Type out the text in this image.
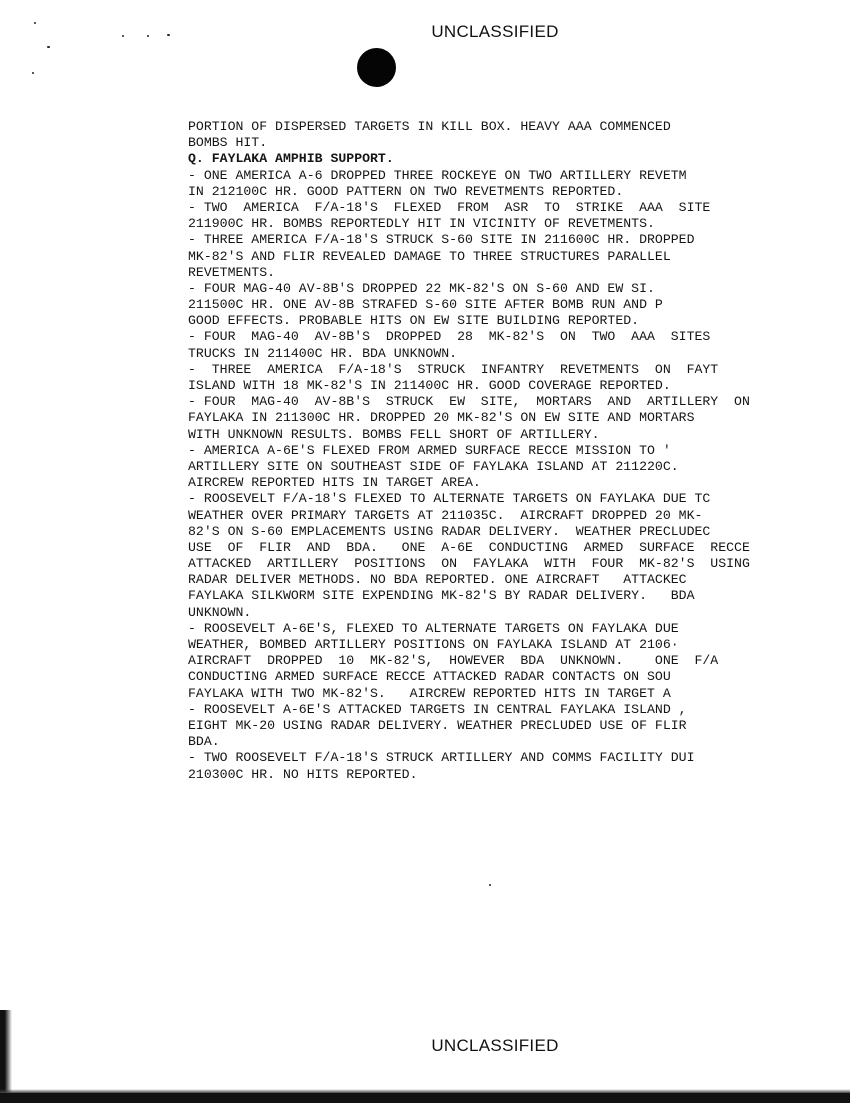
UNCLASSIFIED
PORTION OF DISPERSED TARGETS IN KILL BOX. HEAVY AAA COMMENCED
BOMBS HIT.
Q. FAYLAKA AMPHIB SUPPORT.
- ONE AMERICA A-6 DROPPED THREE ROCKEYE ON TWO ARTILLERY REVETM
IN 212100C HR. GOOD PATTERN ON TWO REVETMENTS REPORTED.
- TWO  AMERICA  F/A-18'S  FLEXED  FROM  ASR  TO  STRIKE  AAA  SITE
211900C HR. BOMBS REPORTEDLY HIT IN VICINITY OF REVETMENTS.
- THREE AMERICA F/A-18'S STRUCK S-60 SITE IN 211600C HR. DROPPED
MK-82'S AND FLIR REVEALED DAMAGE TO THREE STRUCTURES PARALLEL
REVETMENTS.
- FOUR MAG-40 AV-8B'S DROPPED 22 MK-82'S ON S-60 AND EW SI.
211500C HR. ONE AV-8B STRAFED S-60 SITE AFTER BOMB RUN AND P
GOOD EFFECTS. PROBABLE HITS ON EW SITE BUILDING REPORTED.
- FOUR  MAG-40  AV-8B'S  DROPPED  28  MK-82'S  ON  TWO  AAA  SITES
TRUCKS IN 211400C HR. BDA UNKNOWN.
-  THREE  AMERICA  F/A-18'S  STRUCK  INFANTRY  REVETMENTS  ON  FAYT
ISLAND WITH 18 MK-82'S IN 211400C HR. GOOD COVERAGE REPORTED.
- FOUR  MAG-40  AV-8B'S  STRUCK  EW  SITE,  MORTARS  AND  ARTILLERY  ON
FAYLAKA IN 211300C HR. DROPPED 20 MK-82'S ON EW SITE AND MORTARS
WITH UNKNOWN RESULTS. BOMBS FELL SHORT OF ARTILLERY.
- AMERICA A-6E'S FLEXED FROM ARMED SURFACE RECCE MISSION TO '
ARTILLERY SITE ON SOUTHEAST SIDE OF FAYLAKA ISLAND AT 211220C.
AIRCREW REPORTED HITS IN TARGET AREA.
- ROOSEVELT F/A-18'S FLEXED TO ALTERNATE TARGETS ON FAYLAKA DUE TC
WEATHER OVER PRIMARY TARGETS AT 211035C.  AIRCRAFT DROPPED 20 MK-
82'S ON S-60 EMPLACEMENTS USING RADAR DELIVERY.  WEATHER PRECLUDEC
USE  OF  FLIR  AND  BDA.   ONE  A-6E  CONDUCTING  ARMED  SURFACE  RECCE
ATTACKED  ARTILLERY  POSITIONS  ON  FAYLAKA  WITH  FOUR  MK-82'S  USING
RADAR DELIVER METHODS. NO BDA REPORTED. ONE AIRCRAFT   ATTACKEC
FAYLAKA SILKWORM SITE EXPENDING MK-82'S BY RADAR DELIVERY.   BDA
UNKNOWN.
- ROOSEVELT A-6E'S, FLEXED TO ALTERNATE TARGETS ON FAYLAKA DUE
WEATHER, BOMBED ARTILLERY POSITIONS ON FAYLAKA ISLAND AT 2106·
AIRCRAFT  DROPPED  10  MK-82'S,  HOWEVER  BDA  UNKNOWN.    ONE  F/A
CONDUCTING ARMED SURFACE RECCE ATTACKED RADAR CONTACTS ON SOU
FAYLAKA WITH TWO MK-82'S.   AIRCREW REPORTED HITS IN TARGET A
- ROOSEVELT A-6E'S ATTACKED TARGETS IN CENTRAL FAYLAKA ISLAND ,
EIGHT MK-20 USING RADAR DELIVERY. WEATHER PRECLUDED USE OF FLIR
BDA.
- TWO ROOSEVELT F/A-18'S STRUCK ARTILLERY AND COMMS FACILITY DUI
210300C HR. NO HITS REPORTED.
UNCLASSIFIED
